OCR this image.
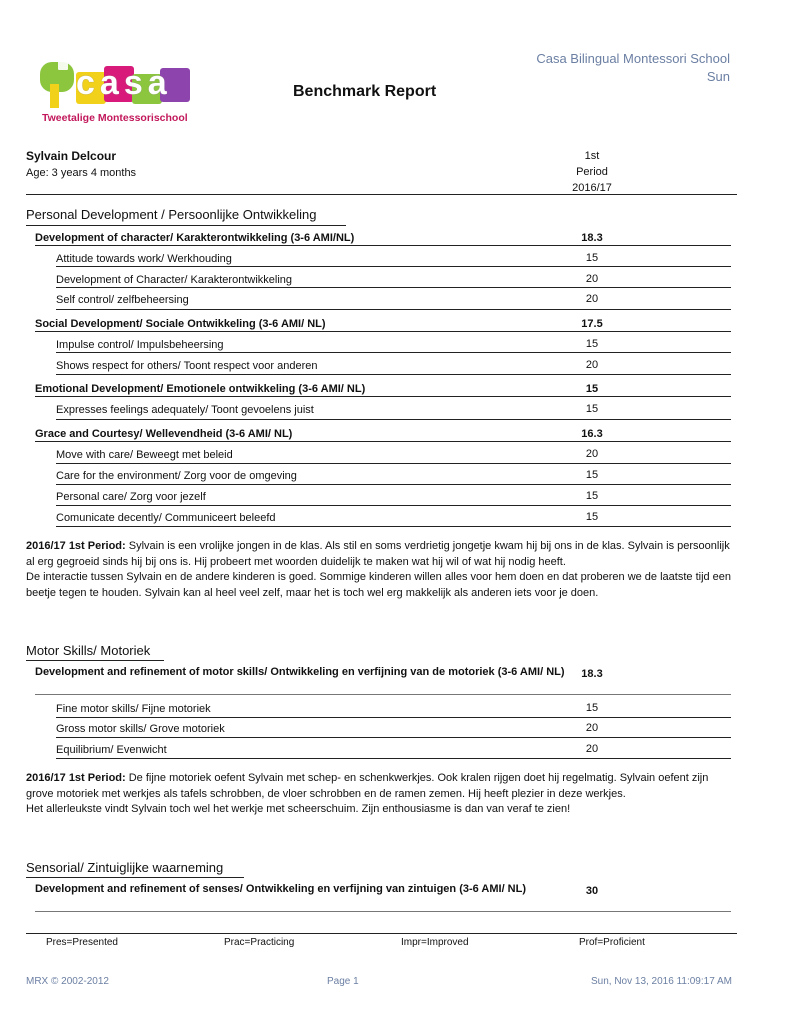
casa
Tweetalige Montessorischool
Casa Bilingual Montessori School
Sun
Benchmark Report
Sylvain Delcour
Age: 3 years 4 months
1st
Period
2016/17
Personal Development / Persoonlijke Ontwikkeling
Development of character/ Karakterontwikkeling (3-6 AMI/NL)	18.3
Attitude towards work/ Werkhouding	15
Development of Character/ Karakterontwikkeling	20
Self control/ zelfbeheersing	20
Social Development/ Sociale Ontwikkeling (3-6 AMI/ NL)	17.5
Impulse control/ Impulsbeheersing	15
Shows respect for others/ Toont respect voor anderen	20
Emotional Development/ Emotionele ontwikkeling (3-6 AMI/ NL)	15
Expresses feelings adequately/ Toont gevoelens juist	15
Grace and Courtesy/ Wellevendheid (3-6 AMI/ NL)	16.3
Move with care/ Beweegt met beleid	20
Care for the environment/ Zorg voor de omgeving	15
Personal care/ Zorg voor jezelf	15
Comunicate decently/ Communiceert beleefd	15
2016/17 1st Period: Sylvain is een vrolijke jongen in de klas. Als stil en soms verdrietig jongetje kwam hij bij ons in de klas. Sylvain is persoonlijk al erg gegroeid sinds hij bij ons is. Hij probeert met woorden duidelijk te maken wat hij wil of wat hij nodig heeft.
De interactie tussen Sylvain en de andere kinderen is goed. Sommige kinderen willen alles voor hem doen en dat proberen we de laatste tijd een beetje tegen te houden. Sylvain kan al heel veel zelf, maar het is toch wel erg makkelijk als anderen iets voor je doen.
Motor Skills/ Motoriek
Development and refinement of motor skills/ Ontwikkeling en verfijning van de motoriek (3-6 AMI/ NL)	18.3
Fine motor skills/ Fijne motoriek	15
Gross motor skills/ Grove motoriek	20
Equilibrium/ Evenwicht	20
2016/17 1st Period: De fijne motoriek oefent Sylvain met schep- en schenkwerkjes. Ook kralen rijgen doet hij regelmatig. Sylvain oefent zijn grove motoriek met werkjes als tafels schrobben, de vloer schrobben en de ramen zemen. Hij heeft plezier in deze werkjes.
Het allerleukste vindt Sylvain toch wel het werkje met scheerschuim. Zijn enthousiasme is dan van veraf te zien!
Sensorial/ Zintuiglijke waarneming
Development and refinement of senses/ Ontwikkeling en verfijning van zintuigen (3-6 AMI/ NL)	30
Pres=Presented	Prac=Practicing	Impr=Improved	Prof=Proficient
MRX © 2002-2012	Page 1	Sun, Nov 13, 2016 11:09:17 AM
